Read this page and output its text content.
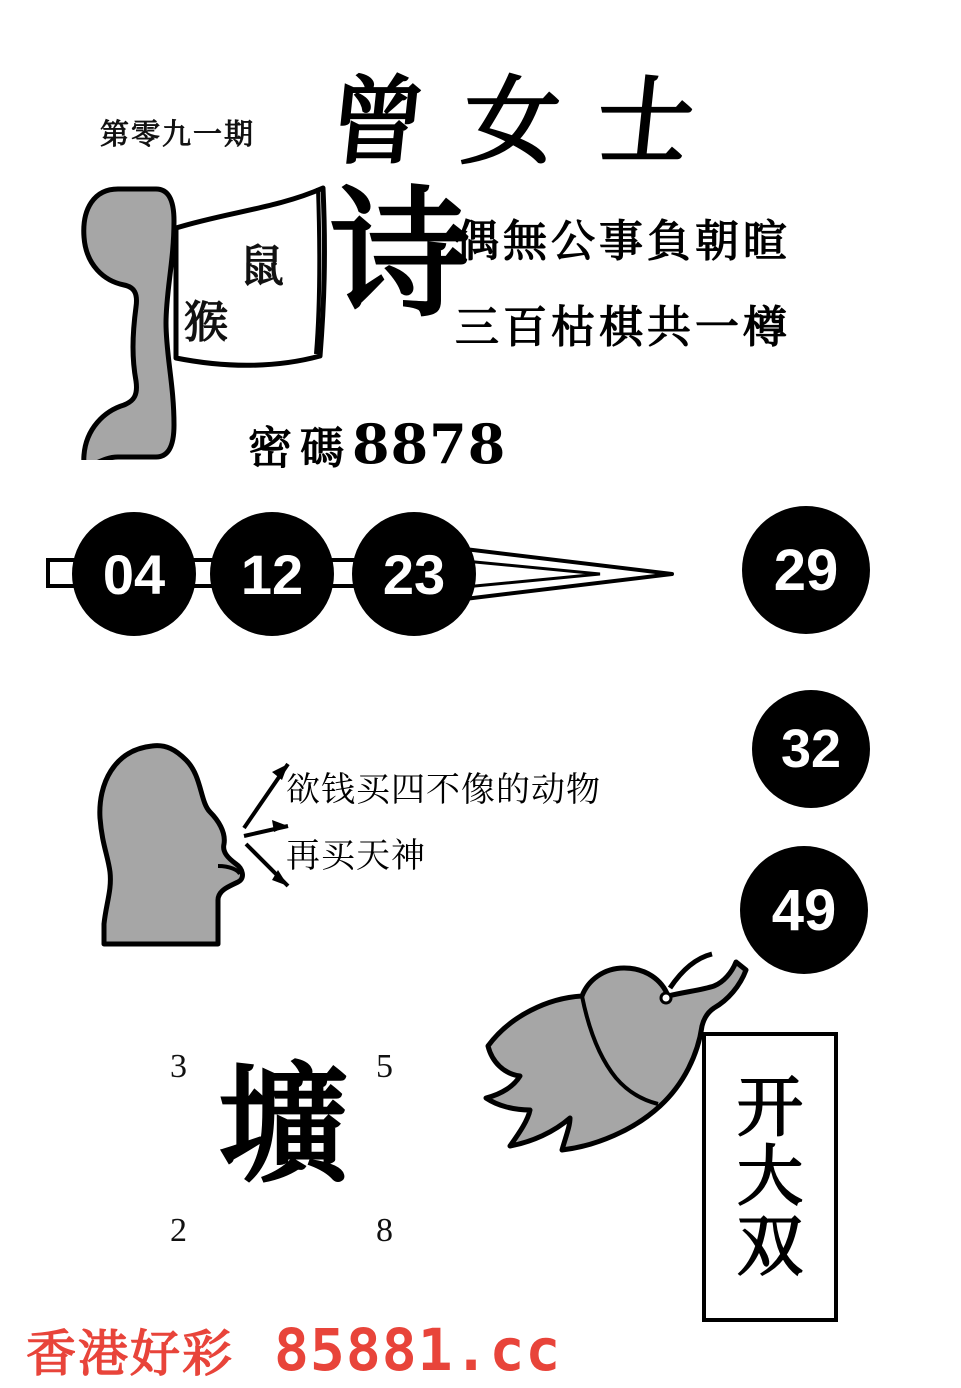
第零九一期 曾女士
鼠
猴 诗
偶無公事負朝暄
三百枯棋共一樽
密碼8878
04	12	23	29
32
49
欲钱买四不像的动物
再买天神
3	5
2	8
壙	开
大
双
香港好彩 85881.cc
